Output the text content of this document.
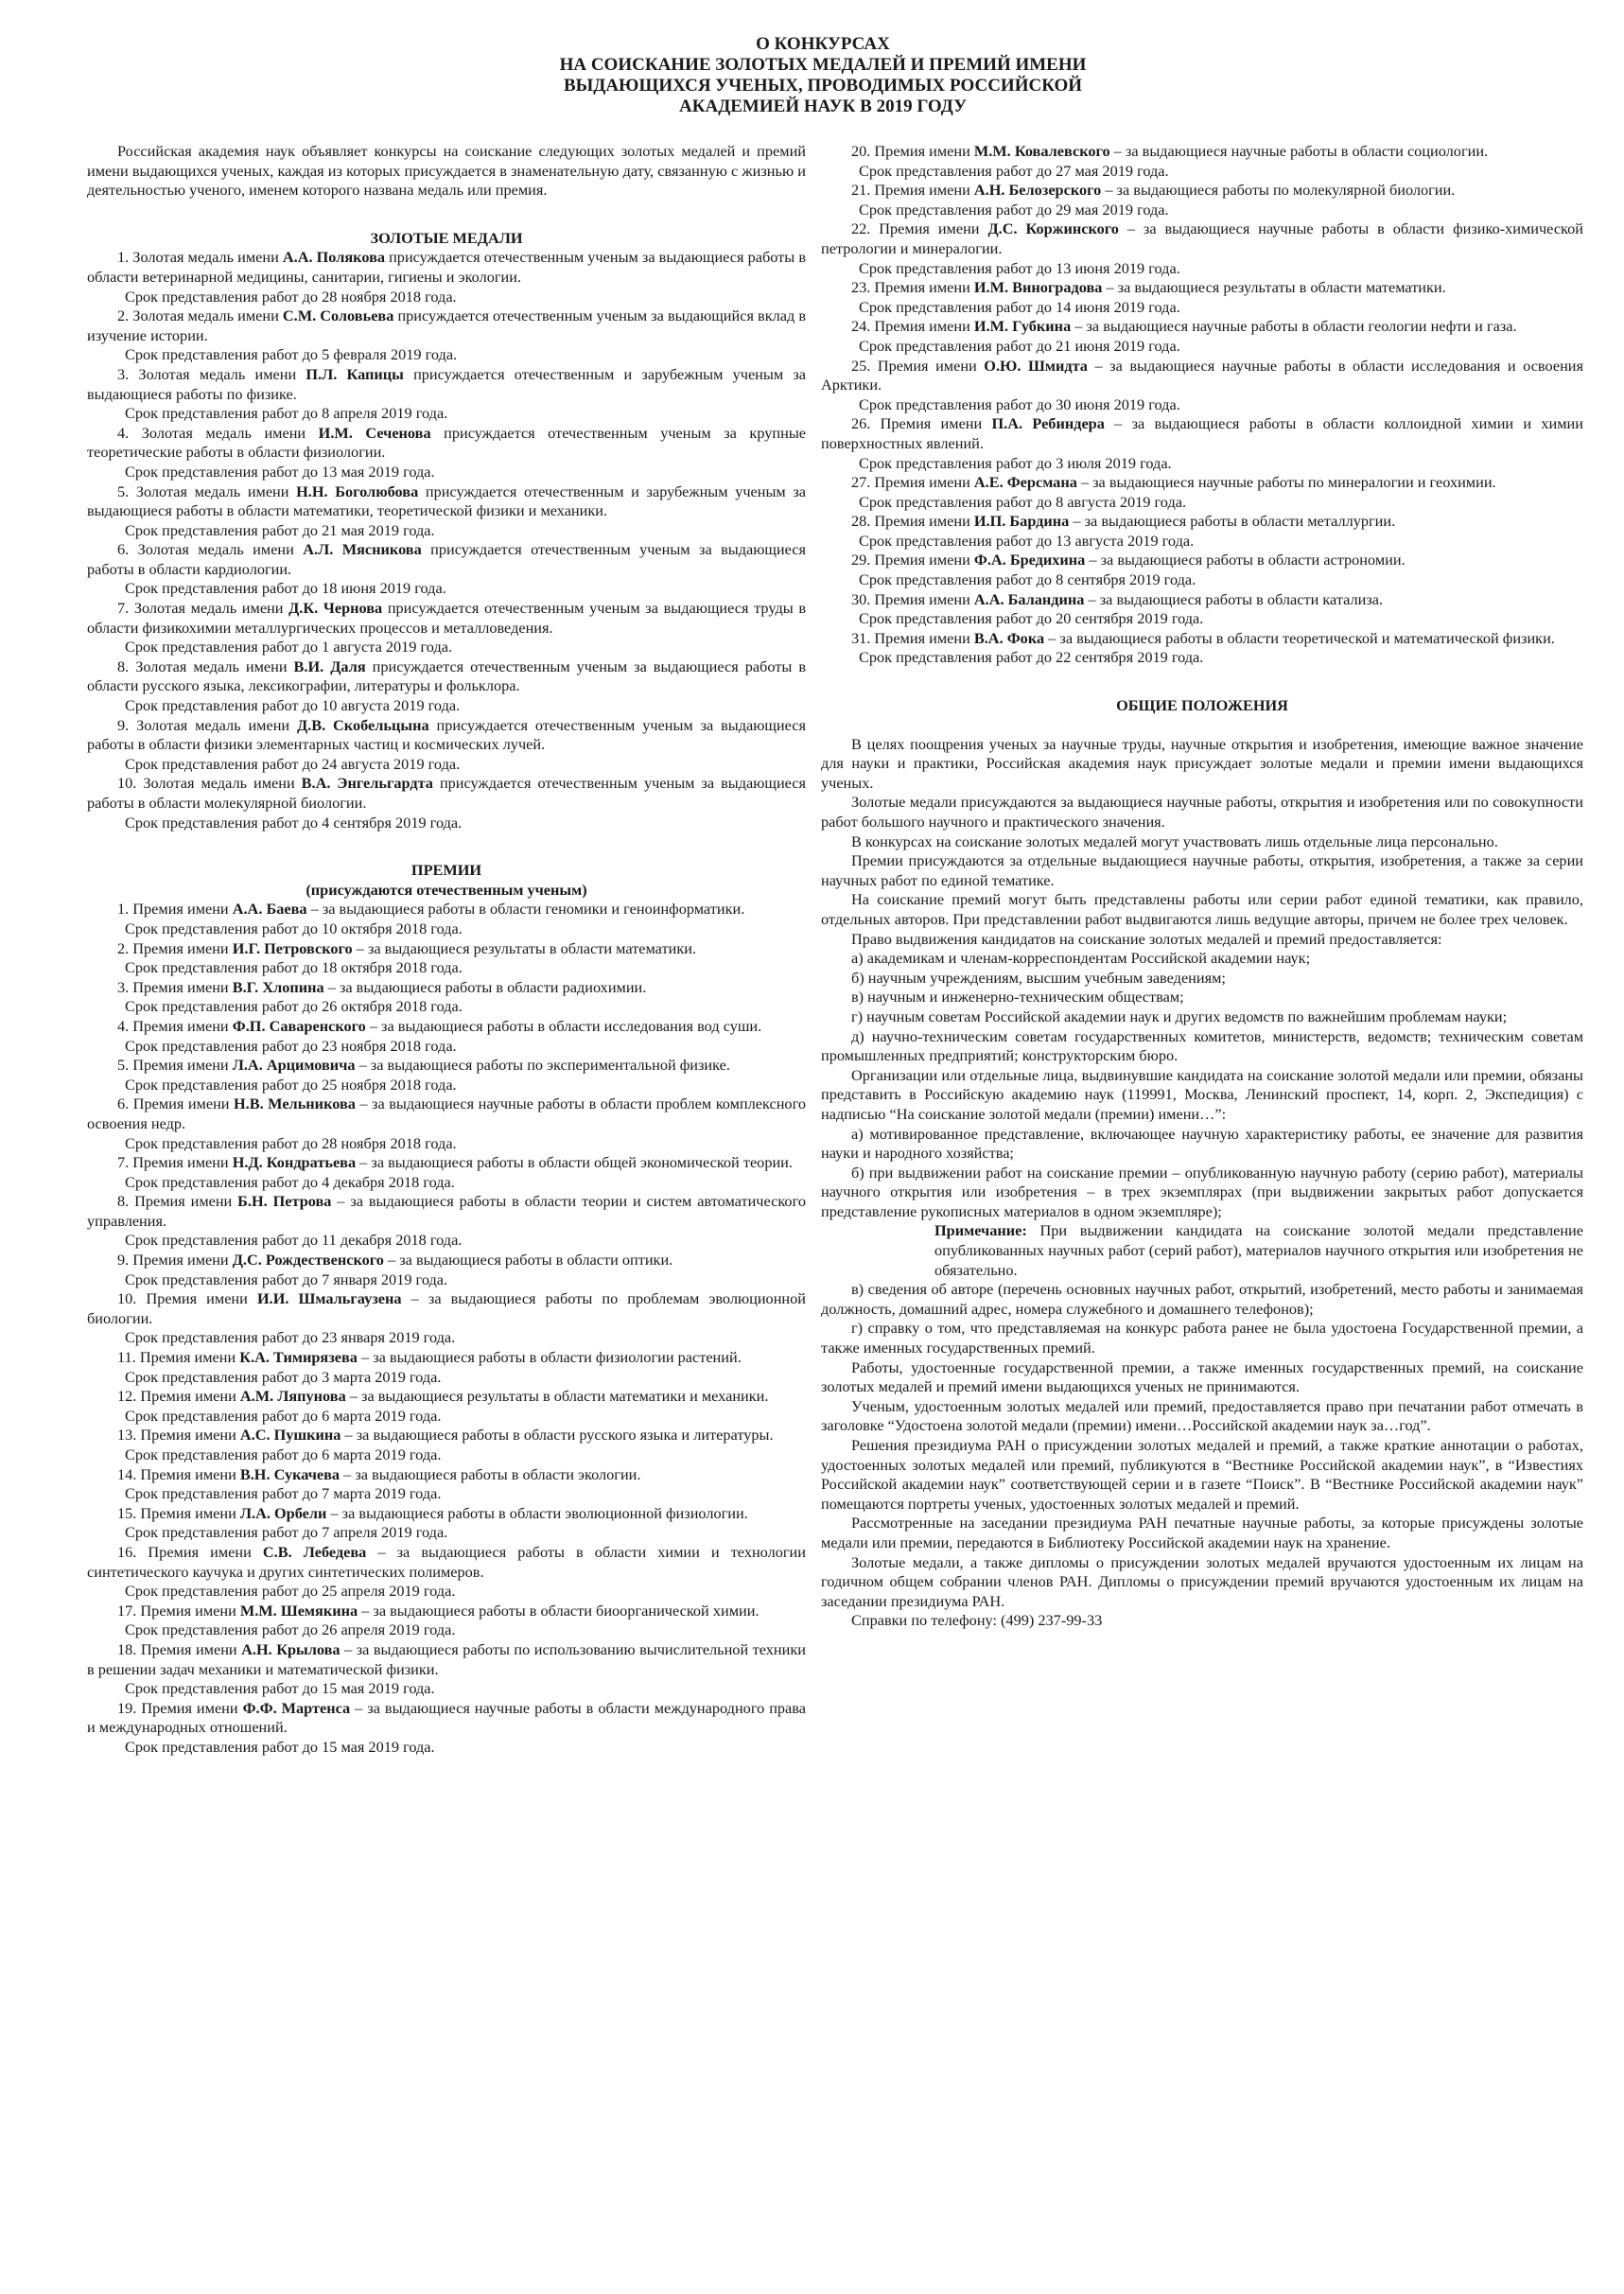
О КОНКУРСАХ
НА СОИСКАНИЕ ЗОЛОТЫХ МЕДАЛЕЙ И ПРЕМИЙ ИМЕНИ
ВЫДАЮЩИХСЯ УЧЕНЫХ, ПРОВОДИМЫХ РОССИЙСКОЙ
АКАДЕМИЕЙ НАУК В 2019 ГОДУ

Российская академия наук объявляет конкурсы на соискание следующих золотых медалей и премий имени выдающихся ученых, каждая из которых присуждается в знаменательную дату, связанную с жизнью и деятельностью ученого, именем которого названа медаль или премия.

ЗОЛОТЫЕ МЕДАЛИ

1. Золотая медаль имени А.А. Полякова присуждается отечественным ученым за выдающиеся работы в области ветеринарной медицины, санитарии, гигиены и экологии.

Срок представления работ до 28 ноября 2018 года.

2. Золотая медаль имени С.М. Соловьева присуждается отечественным ученым за выдающийся вклад в изучение истории.

Срок представления работ до 5 февраля 2019 года.

3. Золотая медаль имени П.Л. Капицы присуждается отечественным и зарубежным ученым за выдающиеся работы по физике.

Срок представления работ до 8 апреля 2019 года.

4. Золотая медаль имени И.М. Сеченова присуждается отечественным ученым за крупные теоретические работы в области физиологии.

Срок представления работ до 13 мая 2019 года.

5. Золотая медаль имени Н.Н. Боголюбова присуждается отечественным и зарубежным ученым за выдающиеся работы в области математики, теоретической физики и механики.

Срок представления работ до 21 мая 2019 года.

6. Золотая медаль имени А.Л. Мясникова присуждается отечественным ученым за выдающиеся работы в области кардиологии.

Срок представления работ до 18 июня 2019 года.

7. Золотая медаль имени Д.К. Чернова присуждается отечественным ученым за выдающиеся труды в области физикохимии металлургических процессов и металловедения.

Срок представления работ до 1 августа 2019 года.

8. Золотая медаль имени В.И. Даля присуждается отечественным ученым за выдающиеся работы в области русского языка, лексикографии, литературы и фольклора.

Срок представления работ до 10 августа 2019 года.

9. Золотая медаль имени Д.В. Скобельцына присуждается отечественным ученым за выдающиеся работы в области физики элементарных частиц и космических лучей.

Срок представления работ до 24 августа 2019 года.

10. Золотая медаль имени В.А. Энгельгардта присуждается отечественным ученым за выдающиеся работы в области молекулярной биологии.

Срок представления работ до 4 сентября 2019 года.

ПРЕМИИ

(присуждаются отечественным ученым)

1. Премия имени А.А. Баева – за выдающиеся работы в области геномики и геноинформатики.

Срок представления работ до 10 октября 2018 года.

2. Премия имени И.Г. Петровского – за выдающиеся результаты в области математики.

Срок представления работ до 18 октября 2018 года.

3. Премия имени В.Г. Хлопина – за выдающиеся работы в области радиохимии.

Срок представления работ до 26 октября 2018 года.

4. Премия имени Ф.П. Саваренского – за выдающиеся работы в области исследования вод суши.

Срок представления работ до 23 ноября 2018 года.

5. Премия имени Л.А. Арцимовича – за выдающиеся работы по экспериментальной физике.

Срок представления работ до 25 ноября 2018 года.

6. Премия имени Н.В. Мельникова – за выдающиеся научные работы в области проблем комплексного освоения недр.

Срок представления работ до 28 ноября 2018 года.

7. Премия имени Н.Д. Кондратьева – за выдающиеся работы в области общей экономической теории.

Срок представления работ до 4 декабря 2018 года.

8. Премия имени Б.Н. Петрова – за выдающиеся работы в области теории и систем автоматического управления.

Срок представления работ до 11 декабря 2018 года.

9. Премия имени Д.С. Рождественского – за выдающиеся работы в области оптики.

Срок представления работ до 7 января 2019 года.

10. Премия имени И.И. Шмальгаузена – за выдающиеся работы по проблемам эволюционной биологии.

Срок представления работ до 23 января 2019 года.

11. Премия имени К.А. Тимирязева – за выдающиеся работы в области физиологии растений.

Срок представления работ до 3 марта 2019 года.

12. Премия имени А.М. Ляпунова – за выдающиеся результаты в области математики и механики.

Срок представления работ до 6 марта 2019 года.

13. Премия имени А.С. Пушкина – за выдающиеся работы в области русского языка и литературы.

Срок представления работ до 6 марта 2019 года.

14. Премия имени В.Н. Сукачева – за выдающиеся работы в области экологии.

Срок представления работ до 7 марта 2019 года.

15. Премия имени Л.А. Орбели – за выдающиеся работы в области эволюционной физиологии.

Срок представления работ до 7 апреля 2019 года.

16. Премия имени С.В. Лебедева – за выдающиеся работы в области химии и технологии синтетического каучука и других синтетических полимеров.

Срок представления работ до 25 апреля 2019 года.

17. Премия имени М.М. Шемякина – за выдающиеся работы в области биоорганической химии.

Срок представления работ до 26 апреля 2019 года.

18. Премия имени А.Н. Крылова – за выдающиеся работы по использованию вычислительной техники в решении задач механики и математической физики.

Срок представления работ до 15 мая 2019 года.

19. Премия имени Ф.Ф. Мартенса – за выдающиеся научные работы в области международного права и международных отношений.

Срок представления работ до 15 мая 2019 года.

20. Премия имени М.М. Ковалевского – за выдающиеся научные работы в области социологии.

Срок представления работ до 27 мая 2019 года.

21. Премия имени А.Н. Белозерского – за выдающиеся работы по молекулярной биологии.

Срок представления работ до 29 мая 2019 года.

22. Премия имени Д.С. Коржинского – за выдающиеся научные работы в области физико-химической петрологии и минералогии.

Срок представления работ до 13 июня 2019 года.

23. Премия имени И.М. Виноградова – за выдающиеся результаты в области математики.

Срок представления работ до 14 июня 2019 года.

24. Премия имени И.М. Губкина – за выдающиеся научные работы в области геологии нефти и газа.

Срок представления работ до 21 июня 2019 года.

25. Премия имени О.Ю. Шмидта – за выдающиеся научные работы в области исследования и освоения Арктики.

Срок представления работ до 30 июня 2019 года.

26. Премия имени П.А. Ребиндера – за выдающиеся работы в области коллоидной химии и химии поверхностных явлений.

Срок представления работ до 3 июля 2019 года.

27. Премия имени А.Е. Ферсмана – за выдающиеся научные работы по минералогии и геохимии.

Срок представления работ до 8 августа 2019 года.

28. Премия имени И.П. Бардина – за выдающиеся работы в области металлургии.

Срок представления работ до 13 августа 2019 года.

29. Премия имени Ф.А. Бредихина – за выдающиеся работы в области астрономии.

Срок представления работ до 8 сентября 2019 года.

30. Премия имени А.А. Баландина – за выдающиеся работы в области катализа.

Срок представления работ до 20 сентября 2019 года.

31. Премия имени В.А. Фока – за выдающиеся работы в области теоретической и математической физики.

Срок представления работ до 22 сентября 2019 года.

ОБЩИЕ ПОЛОЖЕНИЯ

В целях поощрения ученых за научные труды, научные открытия и изобретения, имеющие важное значение для науки и практики, Российская академия наук присуждает золотые медали и премии имени выдающихся ученых.

Золотые медали присуждаются за выдающиеся научные работы, открытия и изобретения или по совокупности работ большого научного и практического значения.

В конкурсах на соискание золотых медалей могут участвовать лишь отдельные лица персонально.

Премии присуждаются за отдельные выдающиеся научные работы, открытия, изобретения, а также за серии научных работ по единой тематике.

На соискание премий могут быть представлены работы или серии работ единой тематики, как правило, отдельных авторов. При представлении работ выдвигаются лишь ведущие авторы, причем не более трех человек.

Право выдвижения кандидатов на соискание золотых медалей и премий предоставляется:

а) академикам и членам-корреспондентам Российской академии наук;

б) научным учреждениям, высшим учебным заведениям;

в) научным и инженерно-техническим обществам;

г) научным советам Российской академии наук и других ведомств по важнейшим проблемам науки;

д) научно-техническим советам государственных комитетов, министерств, ведомств; техническим советам промышленных предприятий; конструкторским бюро.

Организации или отдельные лица, выдвинувшие кандидата на соискание золотой медали или премии, обязаны представить в Российскую академию наук (119991, Москва, Ленинский проспект, 14, корп. 2, Экспедиция) с надписью “На соискание золотой медали (премии) имени…”:

а) мотивированное представление, включающее научную характеристику работы, ее значение для развития науки и народного хозяйства;

б) при выдвижении работ на соискание премии – опубликованную научную работу (серию работ), материалы научного открытия или изобретения – в трех экземплярах (при выдвижении закрытых работ допускается представление рукописных материалов в одном экземпляре);

Примечание: При выдвижении кандидата на соискание золотой медали представление опубликованных научных работ (серий работ), материалов научного открытия или изобретения не обязательно.

в) сведения об авторе (перечень основных научных работ, открытий, изобретений, место работы и занимаемая должность, домашний адрес, номера служебного и домашнего телефонов);

г) справку о том, что представляемая на конкурс работа ранее не была удостоена Государственной премии, а также именных государственных премий.

Работы, удостоенные государственной премии, а также именных государственных премий, на соискание золотых медалей и премий имени выдающихся ученых не принимаются.

Ученым, удостоенным золотых медалей или премий, предоставляется право при печатании работ отмечать в заголовке “Удостоена золотой медали (премии) имени…Российской академии наук за…год”.

Решения президиума РАН о присуждении золотых медалей и премий, а также краткие аннотации о работах, удостоенных золотых медалей или премий, публикуются в “Вестнике Российской академии наук”, в “Известиях Российской академии наук” соответствующей серии и в газете “Поиск”. В “Вестнике Российской академии наук” помещаются портреты ученых, удостоенных золотых медалей и премий.

Рассмотренные на заседании президиума РАН печатные научные работы, за которые присуждены золотые медали или премии, передаются в Библиотеку Российской академии наук на хранение.

Золотые медали, а также дипломы о присуждении золотых медалей вручаются удостоенным их лицам на годичном общем собрании членов РАН. Дипломы о присуждении премий вручаются удостоенным их лицам на заседании президиума РАН.

Справки по телефону: (499) 237-99-33
